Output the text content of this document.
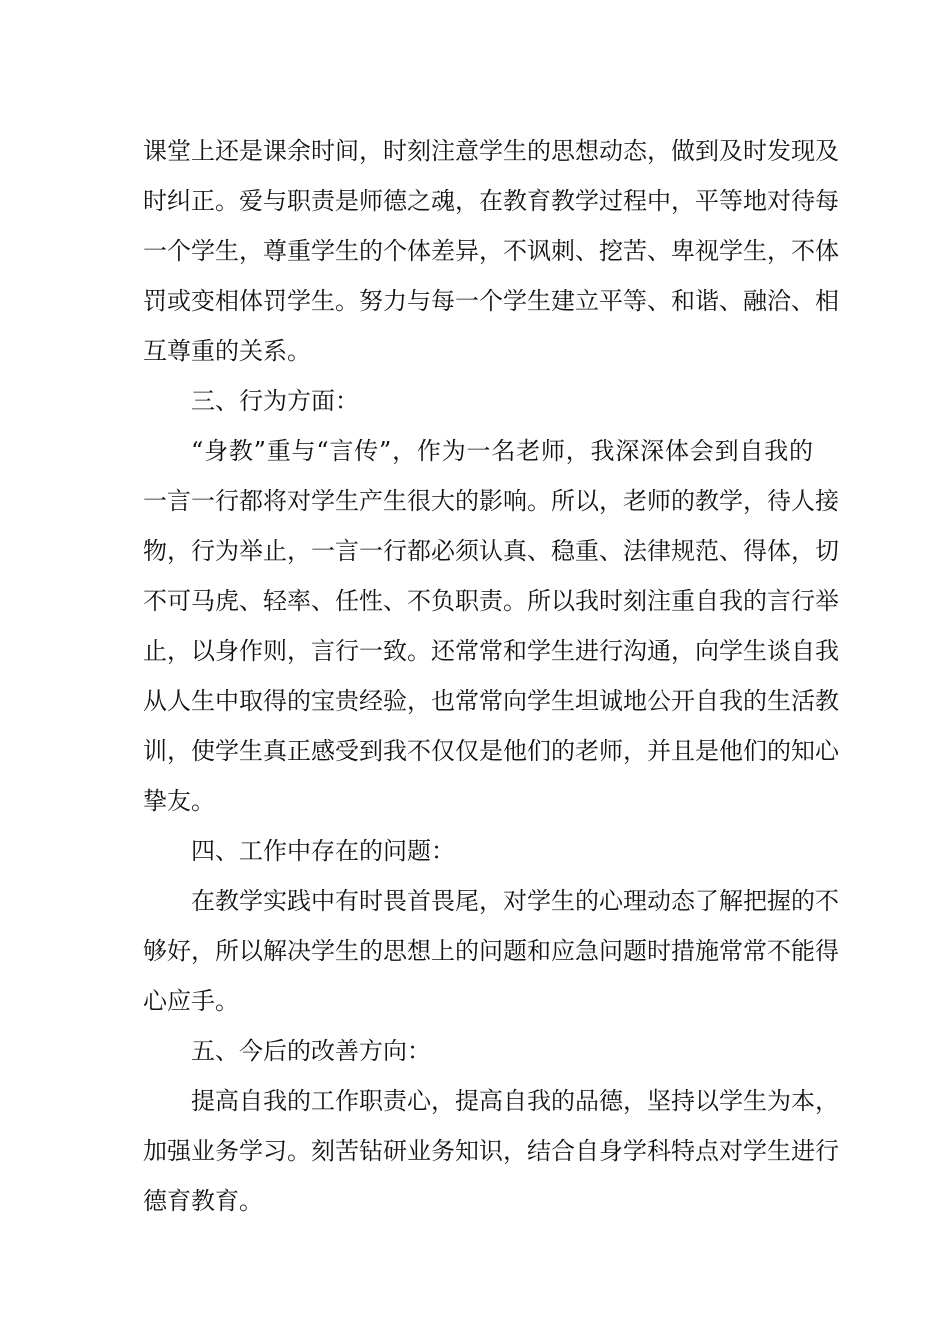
课堂上还是课余时间，时刻注意学生的思想动态，做到及时发现及
时纠正。爱与职责是师德之魂，在教育教学过程中，平等地对待每
一个学生，尊重学生的个体差异，不讽刺、挖苦、卑视学生，不体
罚或变相体罚学生。努力与每一个学生建立平等、和谐、融洽、相
互尊重的关系。
三、行为方面：
“身教”重与“言传”，作为一名老师，我深深体会到自我的
一言一行都将对学生产生很大的影响。所以，老师的教学，待人接
物，行为举止，一言一行都必须认真、稳重、法律规范、得体，切
不可马虎、轻率、任性、不负职责。所以我时刻注重自我的言行举
止，以身作则，言行一致。还常常和学生进行沟通，向学生谈自我
从人生中取得的宝贵经验，也常常向学生坦诚地公开自我的生活教
训，使学生真正感受到我不仅仅是他们的老师，并且是他们的知心
挚友。
四、工作中存在的问题：
在教学实践中有时畏首畏尾，对学生的心理动态了解把握的不
够好，所以解决学生的思想上的问题和应急问题时措施常常不能得
心应手。
五、今后的改善方向：
提高自我的工作职责心，提高自我的品德，坚持以学生为本，
加强业务学习。刻苦钻研业务知识，结合自身学科特点对学生进行
德育教育。
